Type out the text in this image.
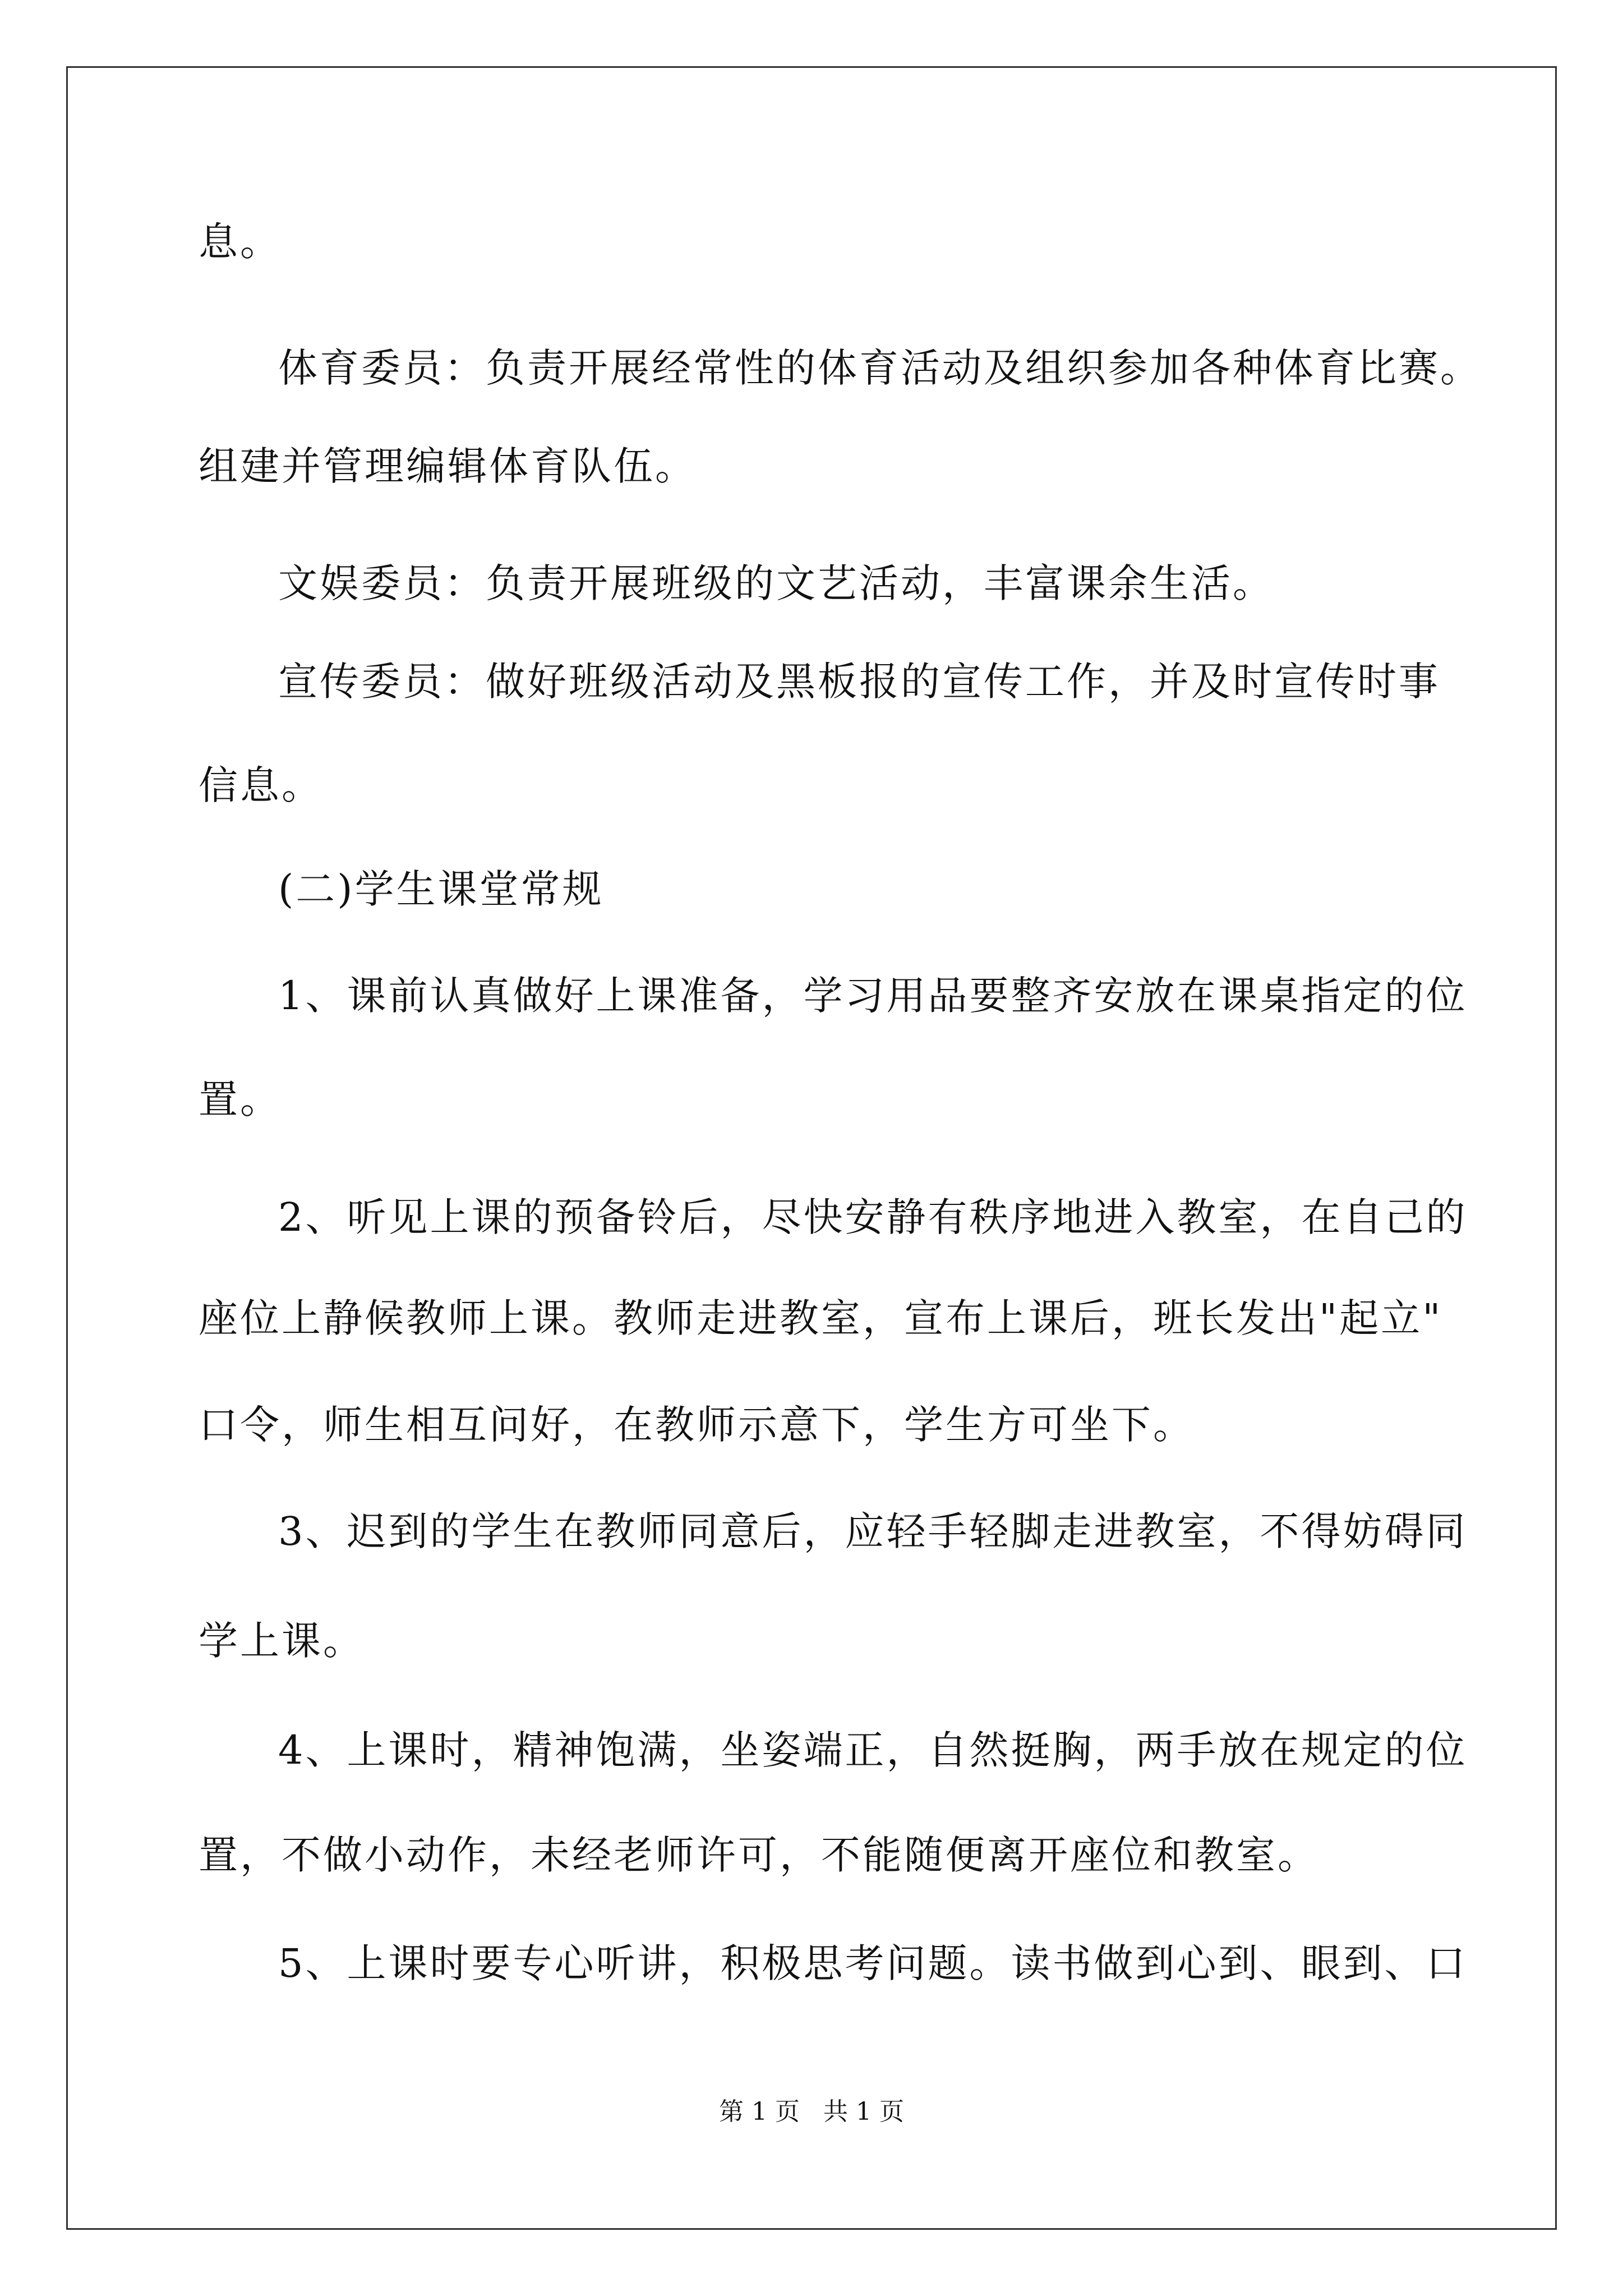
息。
体育委员：负责开展经常性的体育活动及组织参加各种体育比赛。
组建并管理编辑体育队伍。
文娱委员：负责开展班级的文艺活动，丰富课余生活。
宣传委员：做好班级活动及黑板报的宣传工作，并及时宣传时事
信息。
(二)学生课堂常规
1、课前认真做好上课准备，学习用品要整齐安放在课桌指定的位
置。
2、听见上课的预备铃后，尽快安静有秩序地进入教室，在自己的
座位上静候教师上课。教师走进教室，宣布上课后，班长发出"起立"
口令，师生相互问好，在教师示意下，学生方可坐下。
3、迟到的学生在教师同意后，应轻手轻脚走进教室，不得妨碍同
学上课。
4、上课时，精神饱满，坐姿端正，自然挺胸，两手放在规定的位
置，不做小动作，未经老师许可，不能随便离开座位和教室。
5、上课时要专心听讲，积极思考问题。读书做到心到、眼到、口
第 1 页 共 1 页
